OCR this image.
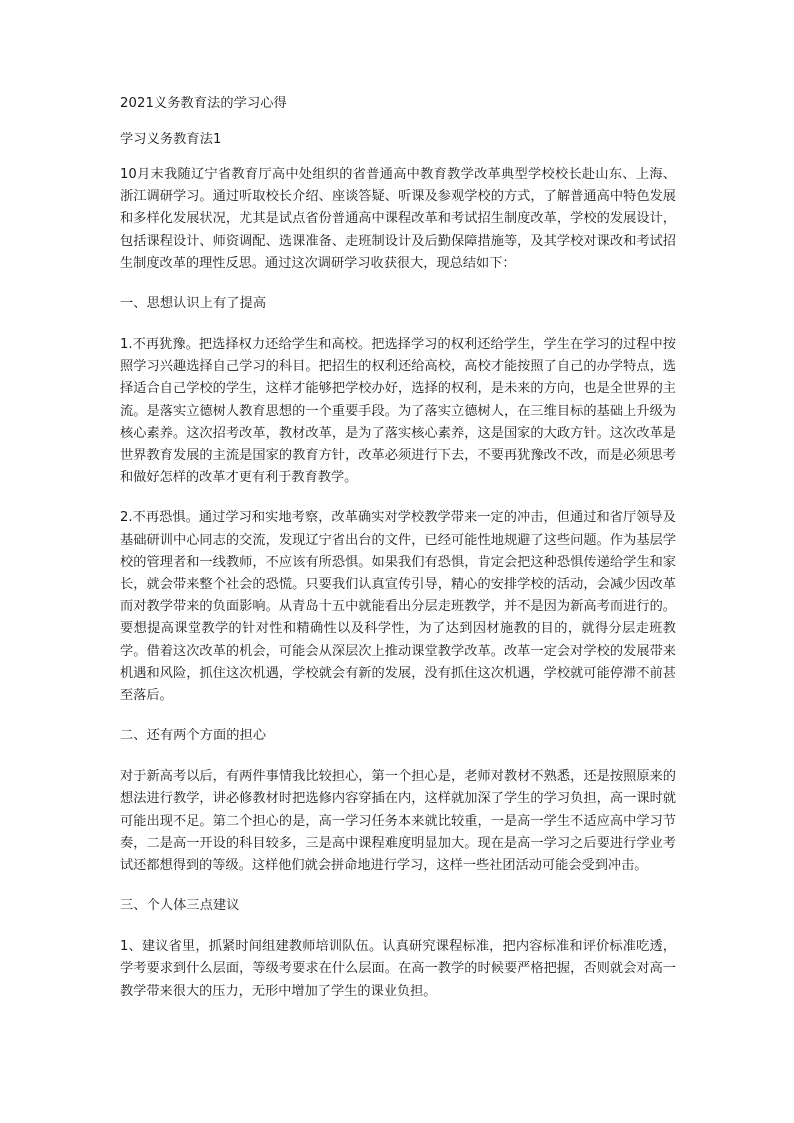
2021义务教育法的学习心得

学习义务教育法1

10月末我随辽宁省教育厅高中处组织的省普通高中教育教学改革典型学校校长赴山东、上海、浙江调研学习。通过听取校长介绍、座谈答疑、听课及参观学校的方式，了解普通高中特色发展和多样化发展状况，尤其是试点省份普通高中课程改革和考试招生制度改革，学校的发展设计，包括课程设计、师资调配、选课准备、走班制设计及后勤保障措施等，及其学校对课改和考试招生制度改革的理性反思。通过这次调研学习收获很大，现总结如下：

一、思想认识上有了提高

1.不再犹豫。把选择权力还给学生和高校。把选择学习的权利还给学生，学生在学习的过程中按照学习兴趣选择自己学习的科目。把招生的权利还给高校，高校才能按照了自己的办学特点，选择适合自己学校的学生，这样才能够把学校办好，选择的权利，是未来的方向，也是全世界的主流。是落实立德树人教育思想的一个重要手段。为了落实立德树人，在三维目标的基础上升级为核心素养。这次招考改革，教材改革，是为了落实核心素养，这是国家的大政方针。这次改革是世界教育发展的主流是国家的教育方针，改革必须进行下去，不要再犹豫改不改，而是必须思考和做好怎样的改革才更有利于教育教学。

2.不再恐惧。通过学习和实地考察，改革确实对学校教学带来一定的冲击，但通过和省厅领导及基础研训中心同志的交流，发现辽宁省出台的文件，已经可能性地规避了这些问题。作为基层学校的管理者和一线教师，不应该有所恐惧。如果我们有恐惧，肯定会把这种恐惧传递给学生和家长，就会带来整个社会的恐慌。只要我们认真宣传引导，精心的安排学校的活动，会减少因改革而对教学带来的负面影响。从青岛十五中就能看出分层走班教学，并不是因为新高考而进行的。要想提高课堂教学的针对性和精确性以及科学性，为了达到因材施教的目的，就得分层走班教学。借着这次改革的机会，可能会从深层次上推动课堂教学改革。改革一定会对学校的发展带来机遇和风险，抓住这次机遇，学校就会有新的发展，没有抓住这次机遇，学校就可能停滞不前甚至落后。

二、还有两个方面的担心

对于新高考以后，有两件事情我比较担心，第一个担心是，老师对教材不熟悉，还是按照原来的想法进行教学，讲必修教材时把选修内容穿插在内，这样就加深了学生的学习负担，高一课时就可能出现不足。第二个担心的是，高一学习任务本来就比较重，一是高一学生不适应高中学习节奏，二是高一开设的科目较多，三是高中课程难度明显加大。现在是高一学习之后要进行学业考试还都想得到的等级。这样他们就会拼命地进行学习，这样一些社团活动可能会受到冲击。

三、个人体三点建议

1、建议省里，抓紧时间组建教师培训队伍。认真研究课程标准，把内容标准和评价标准吃透，学考要求到什么层面，等级考要求在什么层面。在高一教学的时候要严格把握，否则就会对高一教学带来很大的压力，无形中增加了学生的课业负担。
